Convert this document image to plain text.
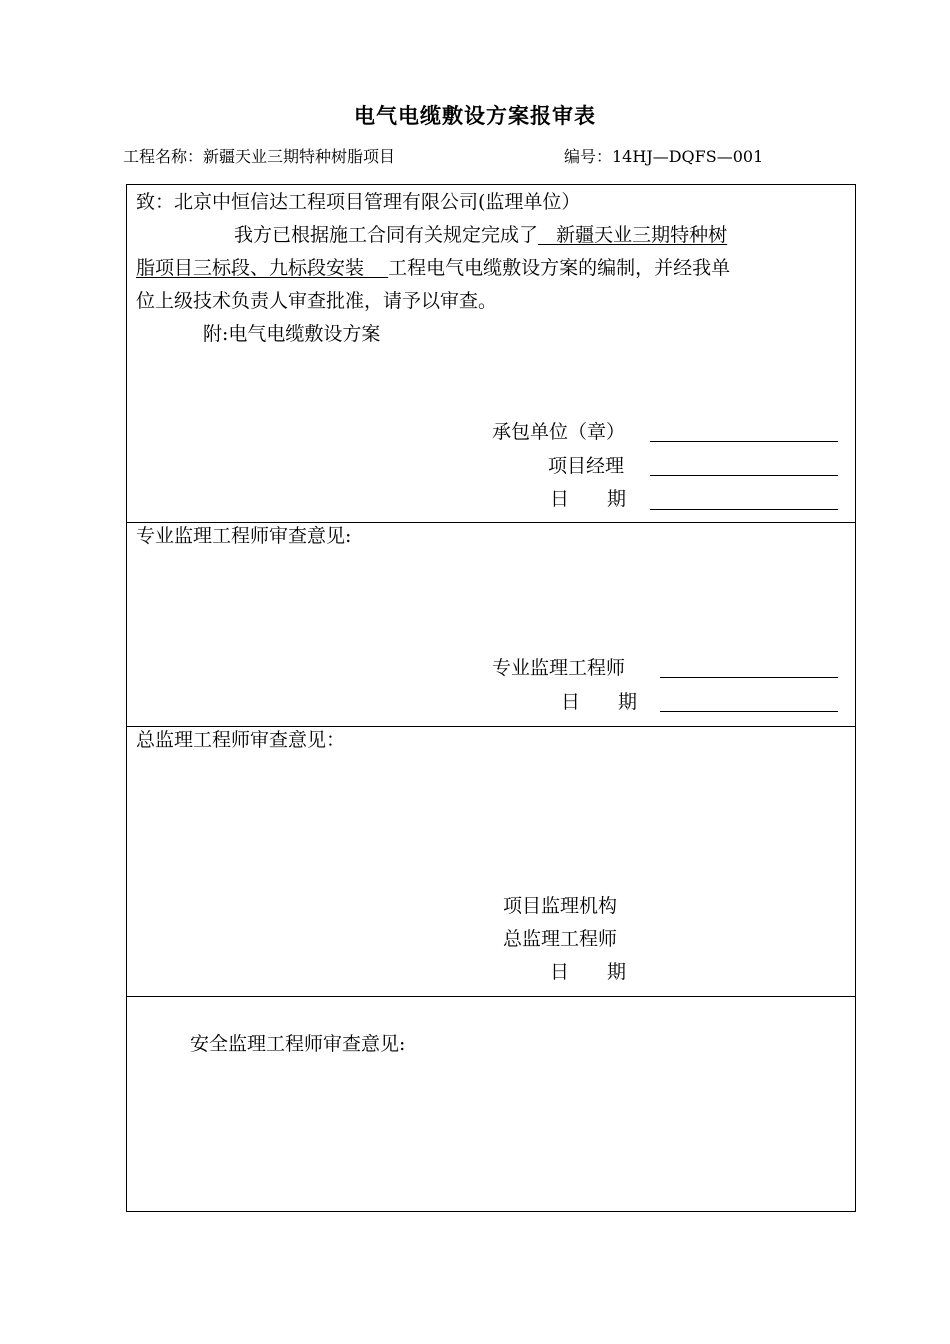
电气电缆敷设方案报审表
工程名称：新疆天业三期特种树脂项目	编号：14HJ—DQFS—001
致：北京中恒信达工程项目管理有限公司(监理单位）
我方已根据施工合同有关规定完成了   新疆天业三期特种树
脂项目三标段、九标段安装    工程电气电缆敷设方案的编制，并经我单
位上级技术负责人审查批准，请予以审查。
附:电气电缆敷设方案
承包单位（章）
项目经理
日　　期
专业监理工程师审查意见:
专业监理工程师
日　　期
总监理工程师审查意见：
项目监理机构
总监理工程师
日　　期
安全监理工程师审查意见:
